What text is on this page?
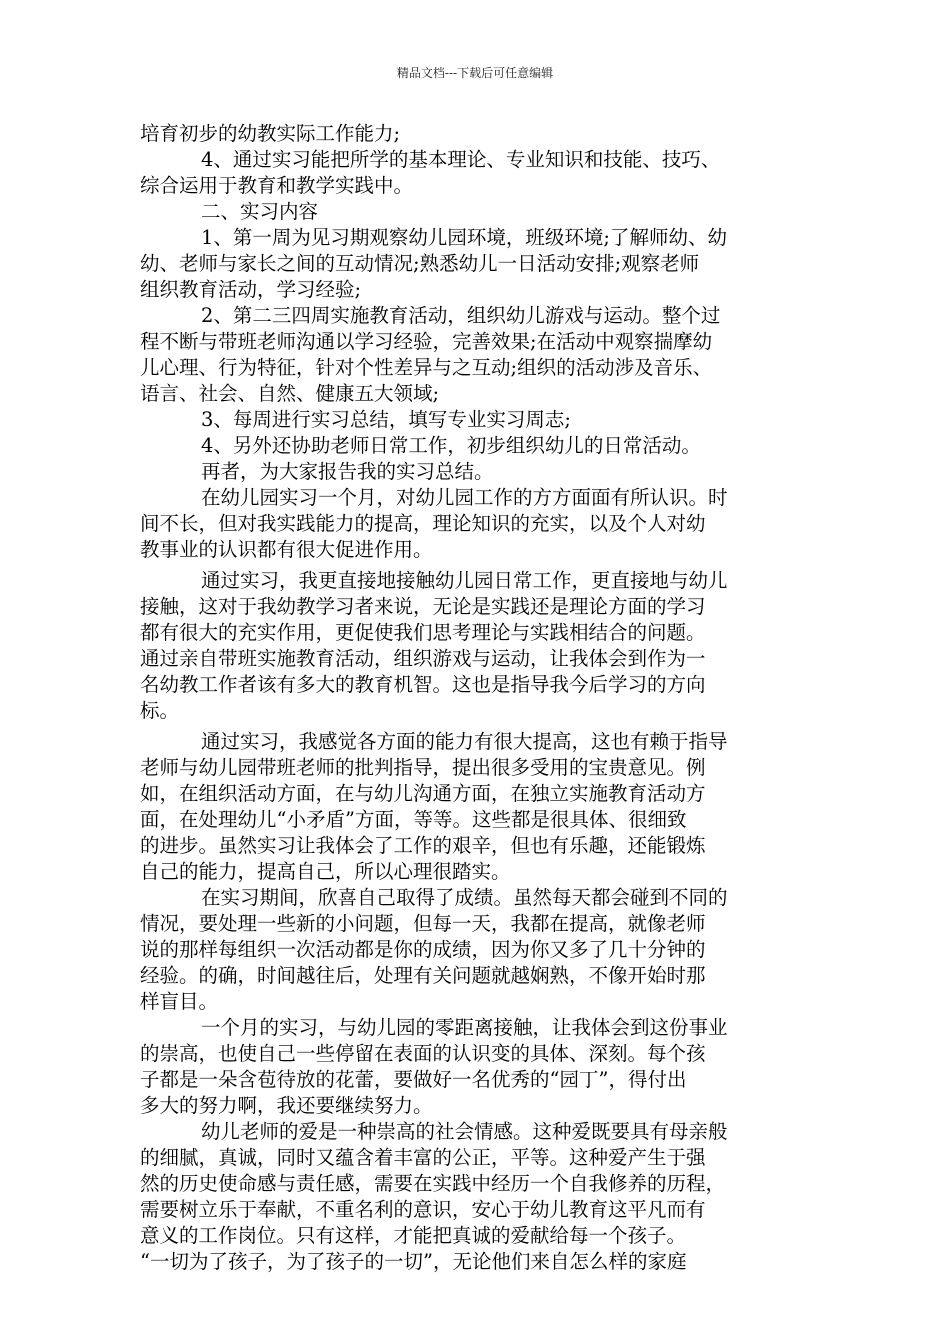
精品文档---下载后可任意编辑
培育初步的幼教实际工作能力;
4、通过实习能把所学的基本理论、专业知识和技能、技巧、
综合运用于教育和教学实践中。
二、实习内容
1、第一周为见习期观察幼儿园环境，班级环境;了解师幼、幼
幼、老师与家长之间的互动情况;熟悉幼儿一日活动安排;观察老师
组织教育活动，学习经验;
2、第二三四周实施教育活动，组织幼儿游戏与运动。整个过
程不断与带班老师沟通以学习经验，完善效果;在活动中观察揣摩幼
儿心理、行为特征，针对个性差异与之互动;组织的活动涉及音乐、
语言、社会、自然、健康五大领域;
3、每周进行实习总结，填写专业实习周志;
4、另外还协助老师日常工作，初步组织幼儿的日常活动。
再者，为大家报告我的实习总结。
在幼儿园实习一个月，对幼儿园工作的方方面面有所认识。时
间不长，但对我实践能力的提高，理论知识的充实，以及个人对幼
教事业的认识都有很大促进作用。
通过实习，我更直接地接触幼儿园日常工作，更直接地与幼儿
接触，这对于我幼教学习者来说，无论是实践还是理论方面的学习
都有很大的充实作用，更促使我们思考理论与实践相结合的问题。
通过亲自带班实施教育活动，组织游戏与运动，让我体会到作为一
名幼教工作者该有多大的教育机智。这也是指导我今后学习的方向
标。
通过实习，我感觉各方面的能力有很大提高，这也有赖于指导
老师与幼儿园带班老师的批判指导，提出很多受用的宝贵意见。例
如，在组织活动方面，在与幼儿沟通方面，在独立实施教育活动方
面，在处理幼儿“小矛盾”方面，等等。这些都是很具体、很细致
的进步。虽然实习让我体会了工作的艰辛，但也有乐趣，还能锻炼
自己的能力，提高自己，所以心理很踏实。
在实习期间，欣喜自己取得了成绩。虽然每天都会碰到不同的
情况，要处理一些新的小问题，但每一天，我都在提高，就像老师
说的那样每组织一次活动都是你的成绩，因为你又多了几十分钟的
经验。的确，时间越往后，处理有关问题就越娴熟，不像开始时那
样盲目。
一个月的实习，与幼儿园的零距离接触，让我体会到这份事业
的崇高，也使自己一些停留在表面的认识变的具体、深刻。每个孩
子都是一朵含苞待放的花蕾，要做好一名优秀的“园丁”，得付出
多大的努力啊，我还要继续努力。
幼儿老师的爱是一种崇高的社会情感。这种爱既要具有母亲般
的细腻，真诚，同时又蕴含着丰富的公正，平等。这种爱产生于强
然的历史使命感与责任感，需要在实践中经历一个自我修养的历程，
需要树立乐于奉献，不重名利的意识，安心于幼儿教育这平凡而有
意义的工作岗位。只有这样，才能把真诚的爱献给每一个孩子。
“一切为了孩子，为了孩子的一切”，无论他们来自怎么样的家庭
